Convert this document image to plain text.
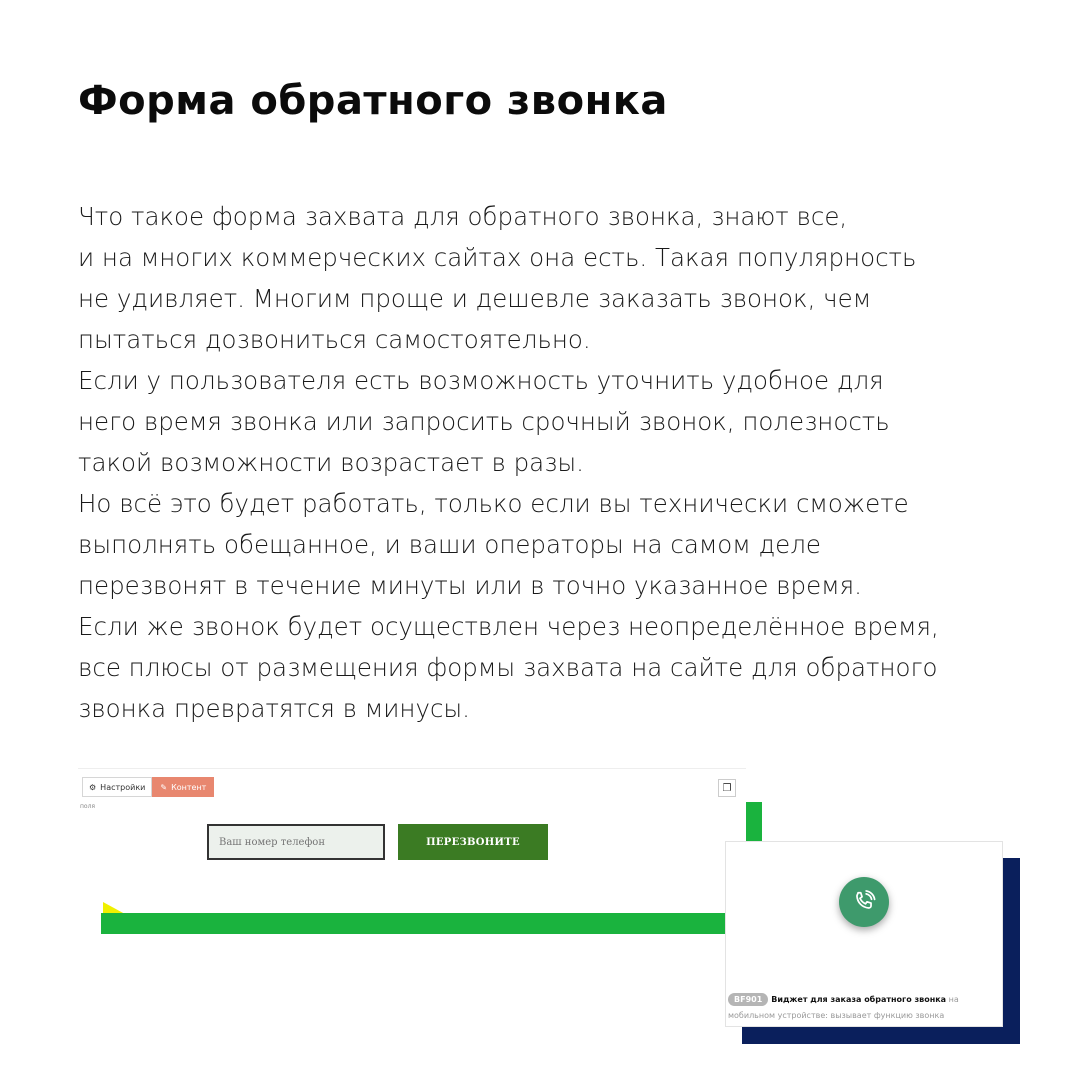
Форма обратного звонка

Что такое форма захвата для обратного звонка, знают все,

и на многих коммерческих сайтах она есть. Такая популярность

не удивляет. Многим проще и дешевле заказать звонок, чем

пытаться дозвониться самостоятельно.

Если у пользователя есть возможность уточнить удобное для

него время звонка или запросить срочный звонок, полезность

такой возможности возрастает в разы.

Но всё это будет работать, только если вы технически сможете

выполнять обещанное, и ваши операторы на самом деле

перезвонят в течение минуты или в точно указанное время.

Если же звонок будет осуществлен через неопределённое время,

все плюсы от размещения формы захвата на сайте для обратного

звонка превратятся в минусы.

⚙ Настройки ✎ Контент
поля
❐
Ваш номер телефон
ПЕРЕЗВОНИТЕ
BF901 Виджет для заказа обратного звонка на мобильном устройстве: вызывает функцию звонка
